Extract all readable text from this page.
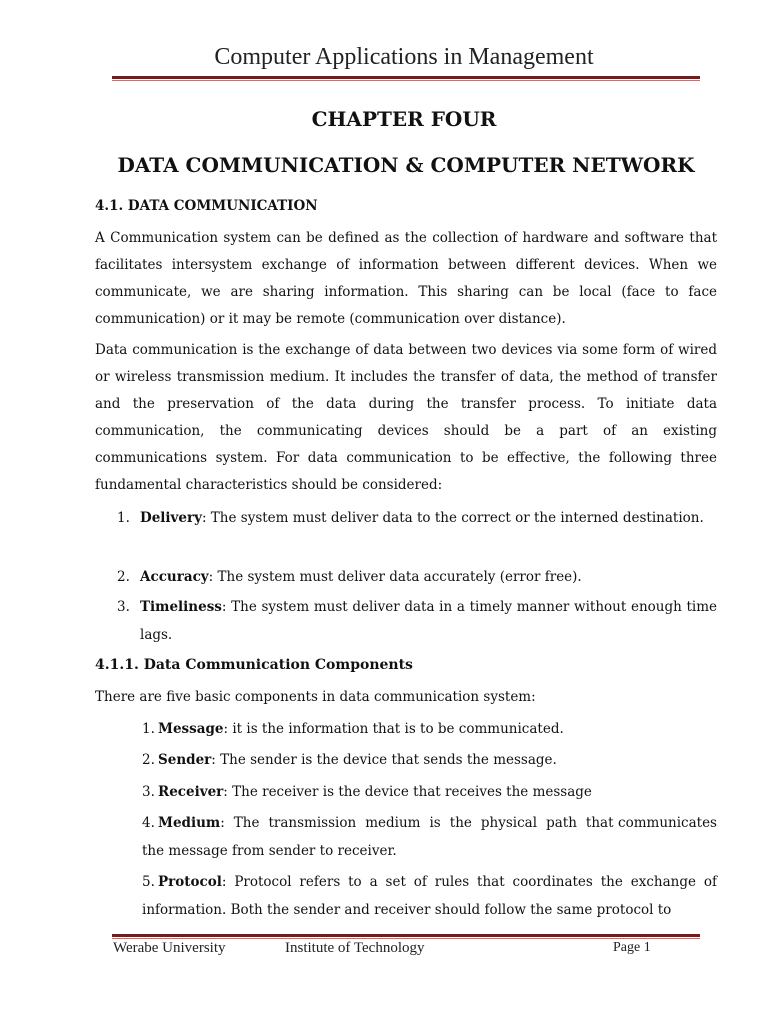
Computer Applications in Management
CHAPTER FOUR
DATA COMMUNICATION & COMPUTER NETWORK
4.1. DATA COMMUNICATION
A Communication system can be defined as the collection of hardware and software that facilitates intersystem exchange of information between different devices. When we communicate, we are sharing information. This sharing can be local (face to face communication) or it may be remote (communication over distance).
Data communication is the exchange of data between two devices via some form of wired or wireless transmission medium. It includes the transfer of data, the method of transfer and the preservation of the data during the transfer process. To initiate data communication, the communicating devices should be a part of an existing communications system. For data communication to be effective, the following three fundamental characteristics should be considered:
1. Delivery: The system must deliver data to the correct or the interned destination.
2. Accuracy: The system must deliver data accurately (error free).
3. Timeliness: The system must deliver data in a timely manner without enough time lags.
4.1.1. Data Communication Components
There are five basic components in data communication system:
1. Message: it is the information that is to be communicated.
2. Sender: The sender is the device that sends the message.
3. Receiver: The receiver is the device that receives the message
4. Medium:  The  transmission  medium  is  the  physical  path  that communicates the message from sender to receiver.
5. Protocol: Protocol refers to a set of rules that coordinates the exchange of information. Both the sender and receiver should follow the same protocol to
Werabe University	Institute of Technology	Page 1
